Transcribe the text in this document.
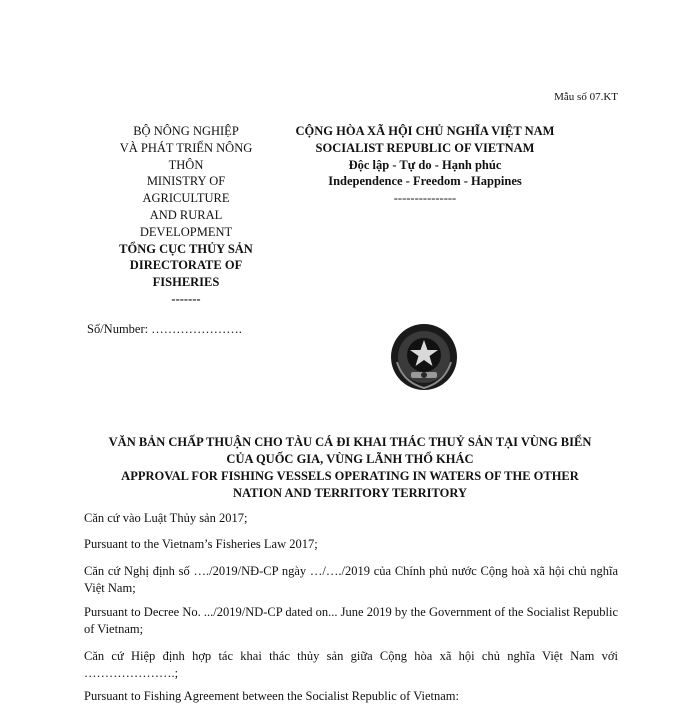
Mẫu số 07.KT
BỘ NÔNG NGHIỆP
VÀ PHÁT TRIỂN NÔNG
THÔN
MINISTRY OF
AGRICULTURE
AND RURAL
DEVELOPMENT
TỔNG CỤC THỦY SẢN
DIRECTORATE OF
FISHERIES
-------
CỘNG HÒA XÃ HỘI CHỦ NGHĨA VIỆT NAM
SOCIALIST REPUBLIC OF VIETNAM
Độc lập - Tự do - Hạnh phúc
Independence - Freedom - Happines
---------------
Số/Number: ………………….
VĂN BẢN CHẤP THUẬN CHO TÀU CÁ ĐI KHAI THÁC THUỶ SẢN TẠI VÙNG BIỂN
CỦA QUỐC GIA, VÙNG LÃNH THỔ KHÁC
APPROVAL FOR FISHING VESSELS OPERATING IN WATERS OF THE OTHER
NATION AND TERRITORY TERRITORY
Căn cứ vào Luật Thủy sản 2017;
Pursuant to the Vietnam’s Fisheries Law 2017;
Căn cứ Nghị định số …./2019/NĐ-CP ngày …/…./2019 của Chính phủ nước Cộng hoà xã hội chủ nghĩa Việt Nam;
Pursuant to Decree No. .../2019/ND-CP dated on... June 2019 by the Government of the Socialist Republic of Vietnam;
Căn cứ Hiệp định hợp tác khai thác thủy sản giữa Cộng hòa xã hội chủ nghĩa Việt Nam với ………………….;
Pursuant to Fishing Agreement between the Socialist Republic of Vietnam:
